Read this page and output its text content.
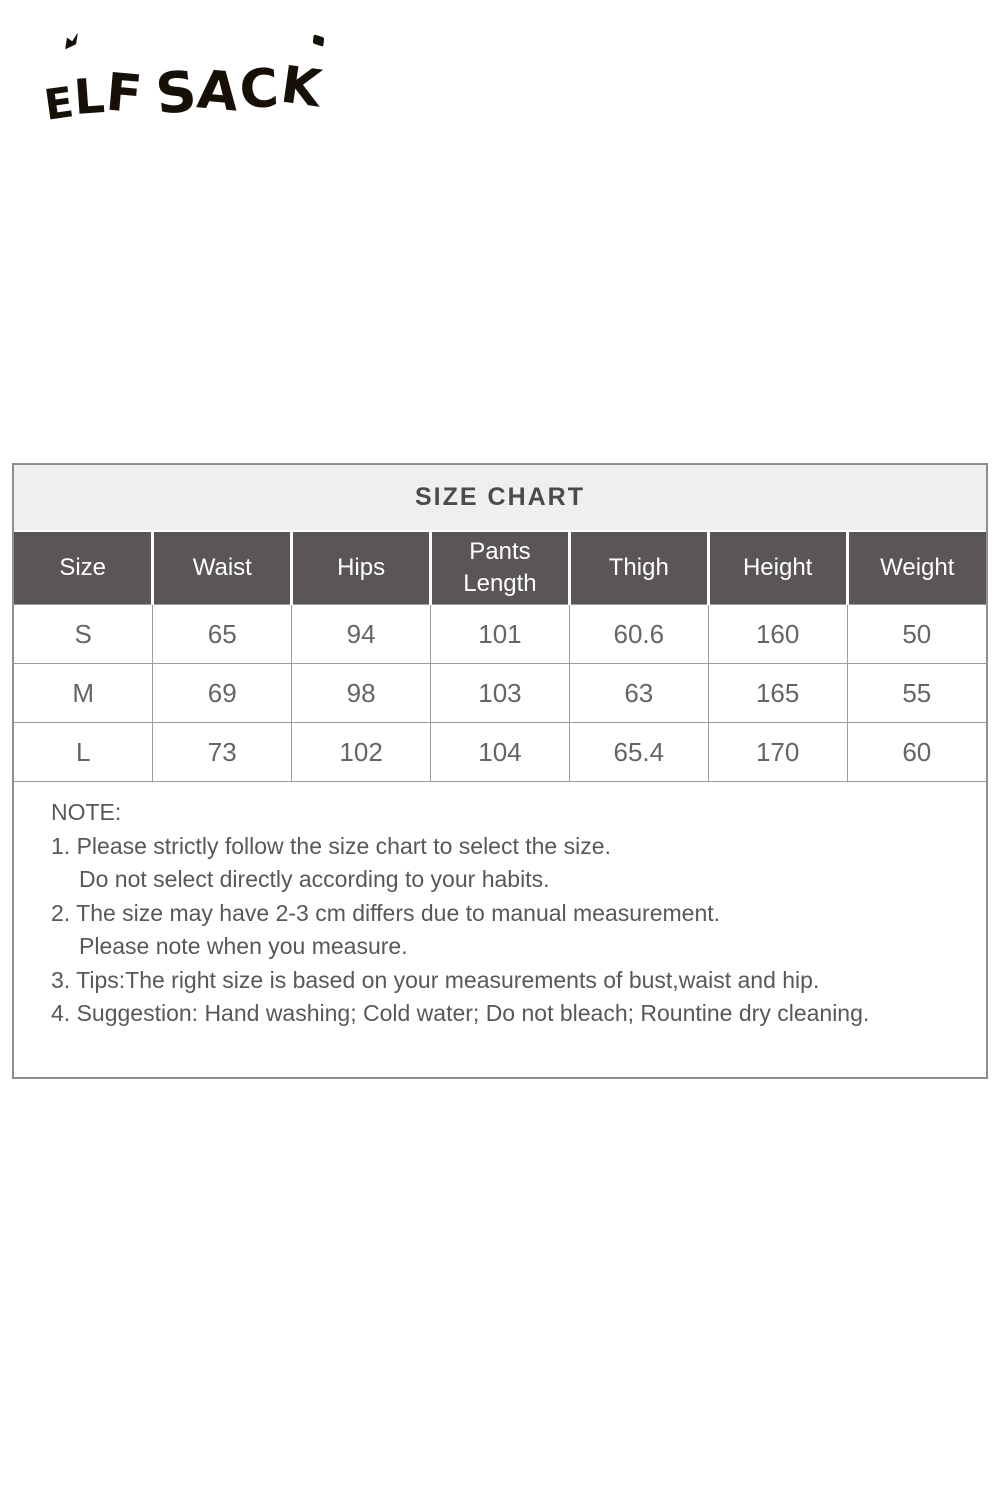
E
L
F S
A
C
K
SIZE CHART
Size	Waist	Hips	Pants Length	Thigh	Height	Weight
S	65	94	101	60.6	160	50
M	69	98	103	63	165	55
L	73	102	104	65.4	170	60

NOTE:

1. Please strictly follow the size chart to select the size.

Do not select directly according to your habits.

2. The size may have 2-3 cm differs due to manual measurement.

Please note when you measure.

3. Tips:The right size is based on your measurements of bust,waist and hip.

4. Suggestion: Hand washing; Cold water; Do not bleach; Rountine dry cleaning.
